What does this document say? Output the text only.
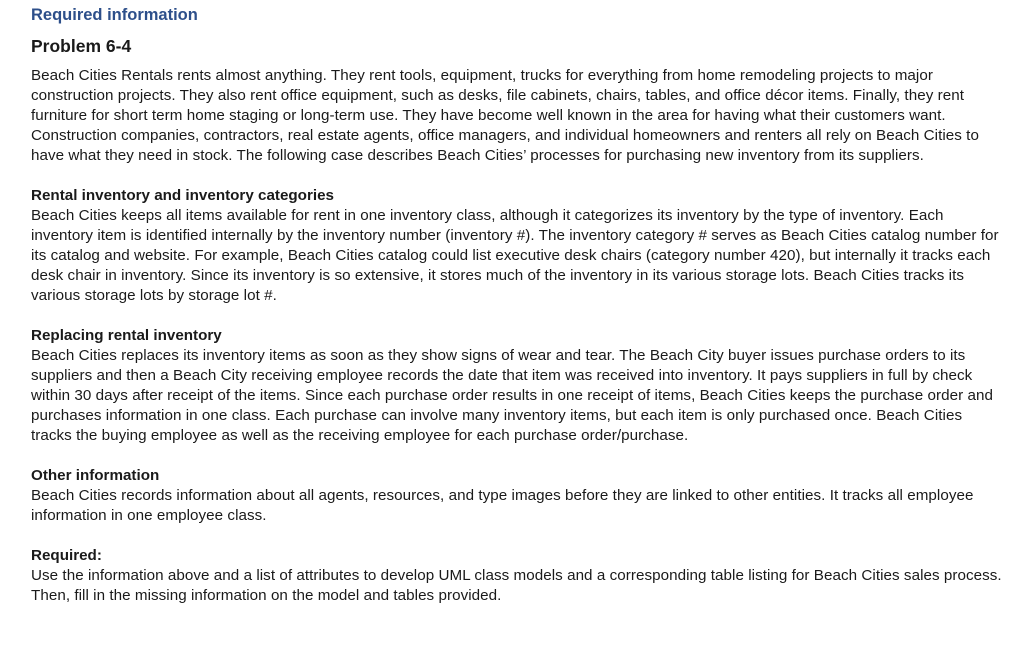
Required information

Problem 6-4

Beach Cities Rentals rents almost anything. They rent tools, equipment, trucks for everything from home remodeling projects to major construction projects. They also rent office equipment, such as desks, file cabinets, chairs, tables, and office décor items. Finally, they rent furniture for short term home staging or long-term use. They have become well known in the area for having what their customers want. Construction companies, contractors, real estate agents, office managers, and individual homeowners and renters all rely on Beach Cities to have what they need in stock. The following case describes Beach Cities’ processes for purchasing new inventory from its suppliers.

Rental inventory and inventory categories

Beach Cities keeps all items available for rent in one inventory class, although it categorizes its inventory by the type of inventory. Each inventory item is identified internally by the inventory number (inventory #). The inventory category # serves as Beach Cities catalog number for its catalog and website. For example, Beach Cities catalog could list executive desk chairs (category number 420), but internally it tracks each desk chair in inventory. Since its inventory is so extensive, it stores much of the inventory in its various storage lots. Beach Cities tracks its various storage lots by storage lot #.

Replacing rental inventory

Beach Cities replaces its inventory items as soon as they show signs of wear and tear. The Beach City buyer issues purchase orders to its suppliers and then a Beach City receiving employee records the date that item was received into inventory. It pays suppliers in full by check within 30 days after receipt of the items. Since each purchase order results in one receipt of items, Beach Cities keeps the purchase order and purchases information in one class. Each purchase can involve many inventory items, but each item is only purchased once. Beach Cities tracks the buying employee as well as the receiving employee for each purchase order/purchase.

Other information

Beach Cities records information about all agents, resources, and type images before they are linked to other entities. It tracks all employee information in one employee class.

Required:

Use the information above and a list of attributes to develop UML class models and a corresponding table listing for Beach Cities sales process. Then, fill in the missing information on the model and tables provided.
